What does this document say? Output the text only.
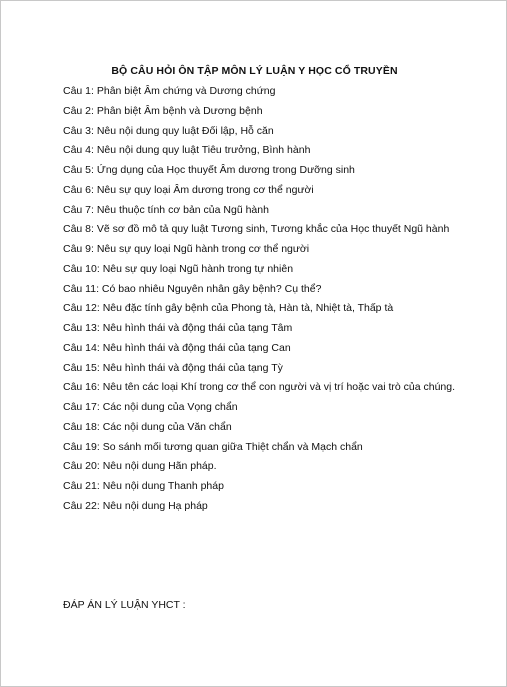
BỘ CÂU HỎI ÔN TẬP MÔN LÝ LUẬN Y HỌC CỔ TRUYỀN
Câu 1: Phân biệt Âm chứng và Dương chứng
Câu 2: Phân biệt Âm bệnh và Dương bệnh
Câu 3: Nêu nội dung quy luật Đối lập, Hỗ căn
Câu 4: Nêu nội dung quy luật Tiêu trưởng, Bình hành
Câu 5: Ứng dụng của Học thuyết Âm dương trong Dưỡng sinh
Câu 6: Nêu sự quy loại Âm dương trong cơ thể người
Câu 7: Nêu thuộc tính cơ bản của Ngũ hành
Câu 8: Vẽ sơ đồ mô tả quy luật Tương sinh, Tương khắc của Học thuyết Ngũ hành
Câu 9: Nêu sự quy loại Ngũ hành trong cơ thể người
Câu 10: Nêu sự quy loại Ngũ hành trong tự nhiên
Câu 11: Có bao nhiêu Nguyên nhân gây bệnh? Cụ thể?
Câu 12: Nêu đặc tính gây bệnh của Phong tà, Hàn tà, Nhiệt tà, Thấp tà
Câu 13: Nêu hình thái và động thái của tạng Tâm
Câu 14: Nêu hình thái và động thái của tạng Can
Câu 15: Nêu hình thái và động thái của tạng Tỳ
Câu 16: Nêu tên các loại Khí trong cơ thể con người và vị trí hoặc vai trò của chúng.
Câu 17: Các nội dung của Vọng chẩn
Câu 18: Các nội dung của Văn chẩn
Câu 19: So sánh mối tương quan giữa Thiệt chẩn và Mạch chẩn
Câu 20: Nêu nội dung Hãn pháp.
Câu 21: Nêu nội dung Thanh pháp
Câu 22: Nêu nội dung Hạ pháp
ĐÁP ÁN LÝ LUẬN YHCT :
